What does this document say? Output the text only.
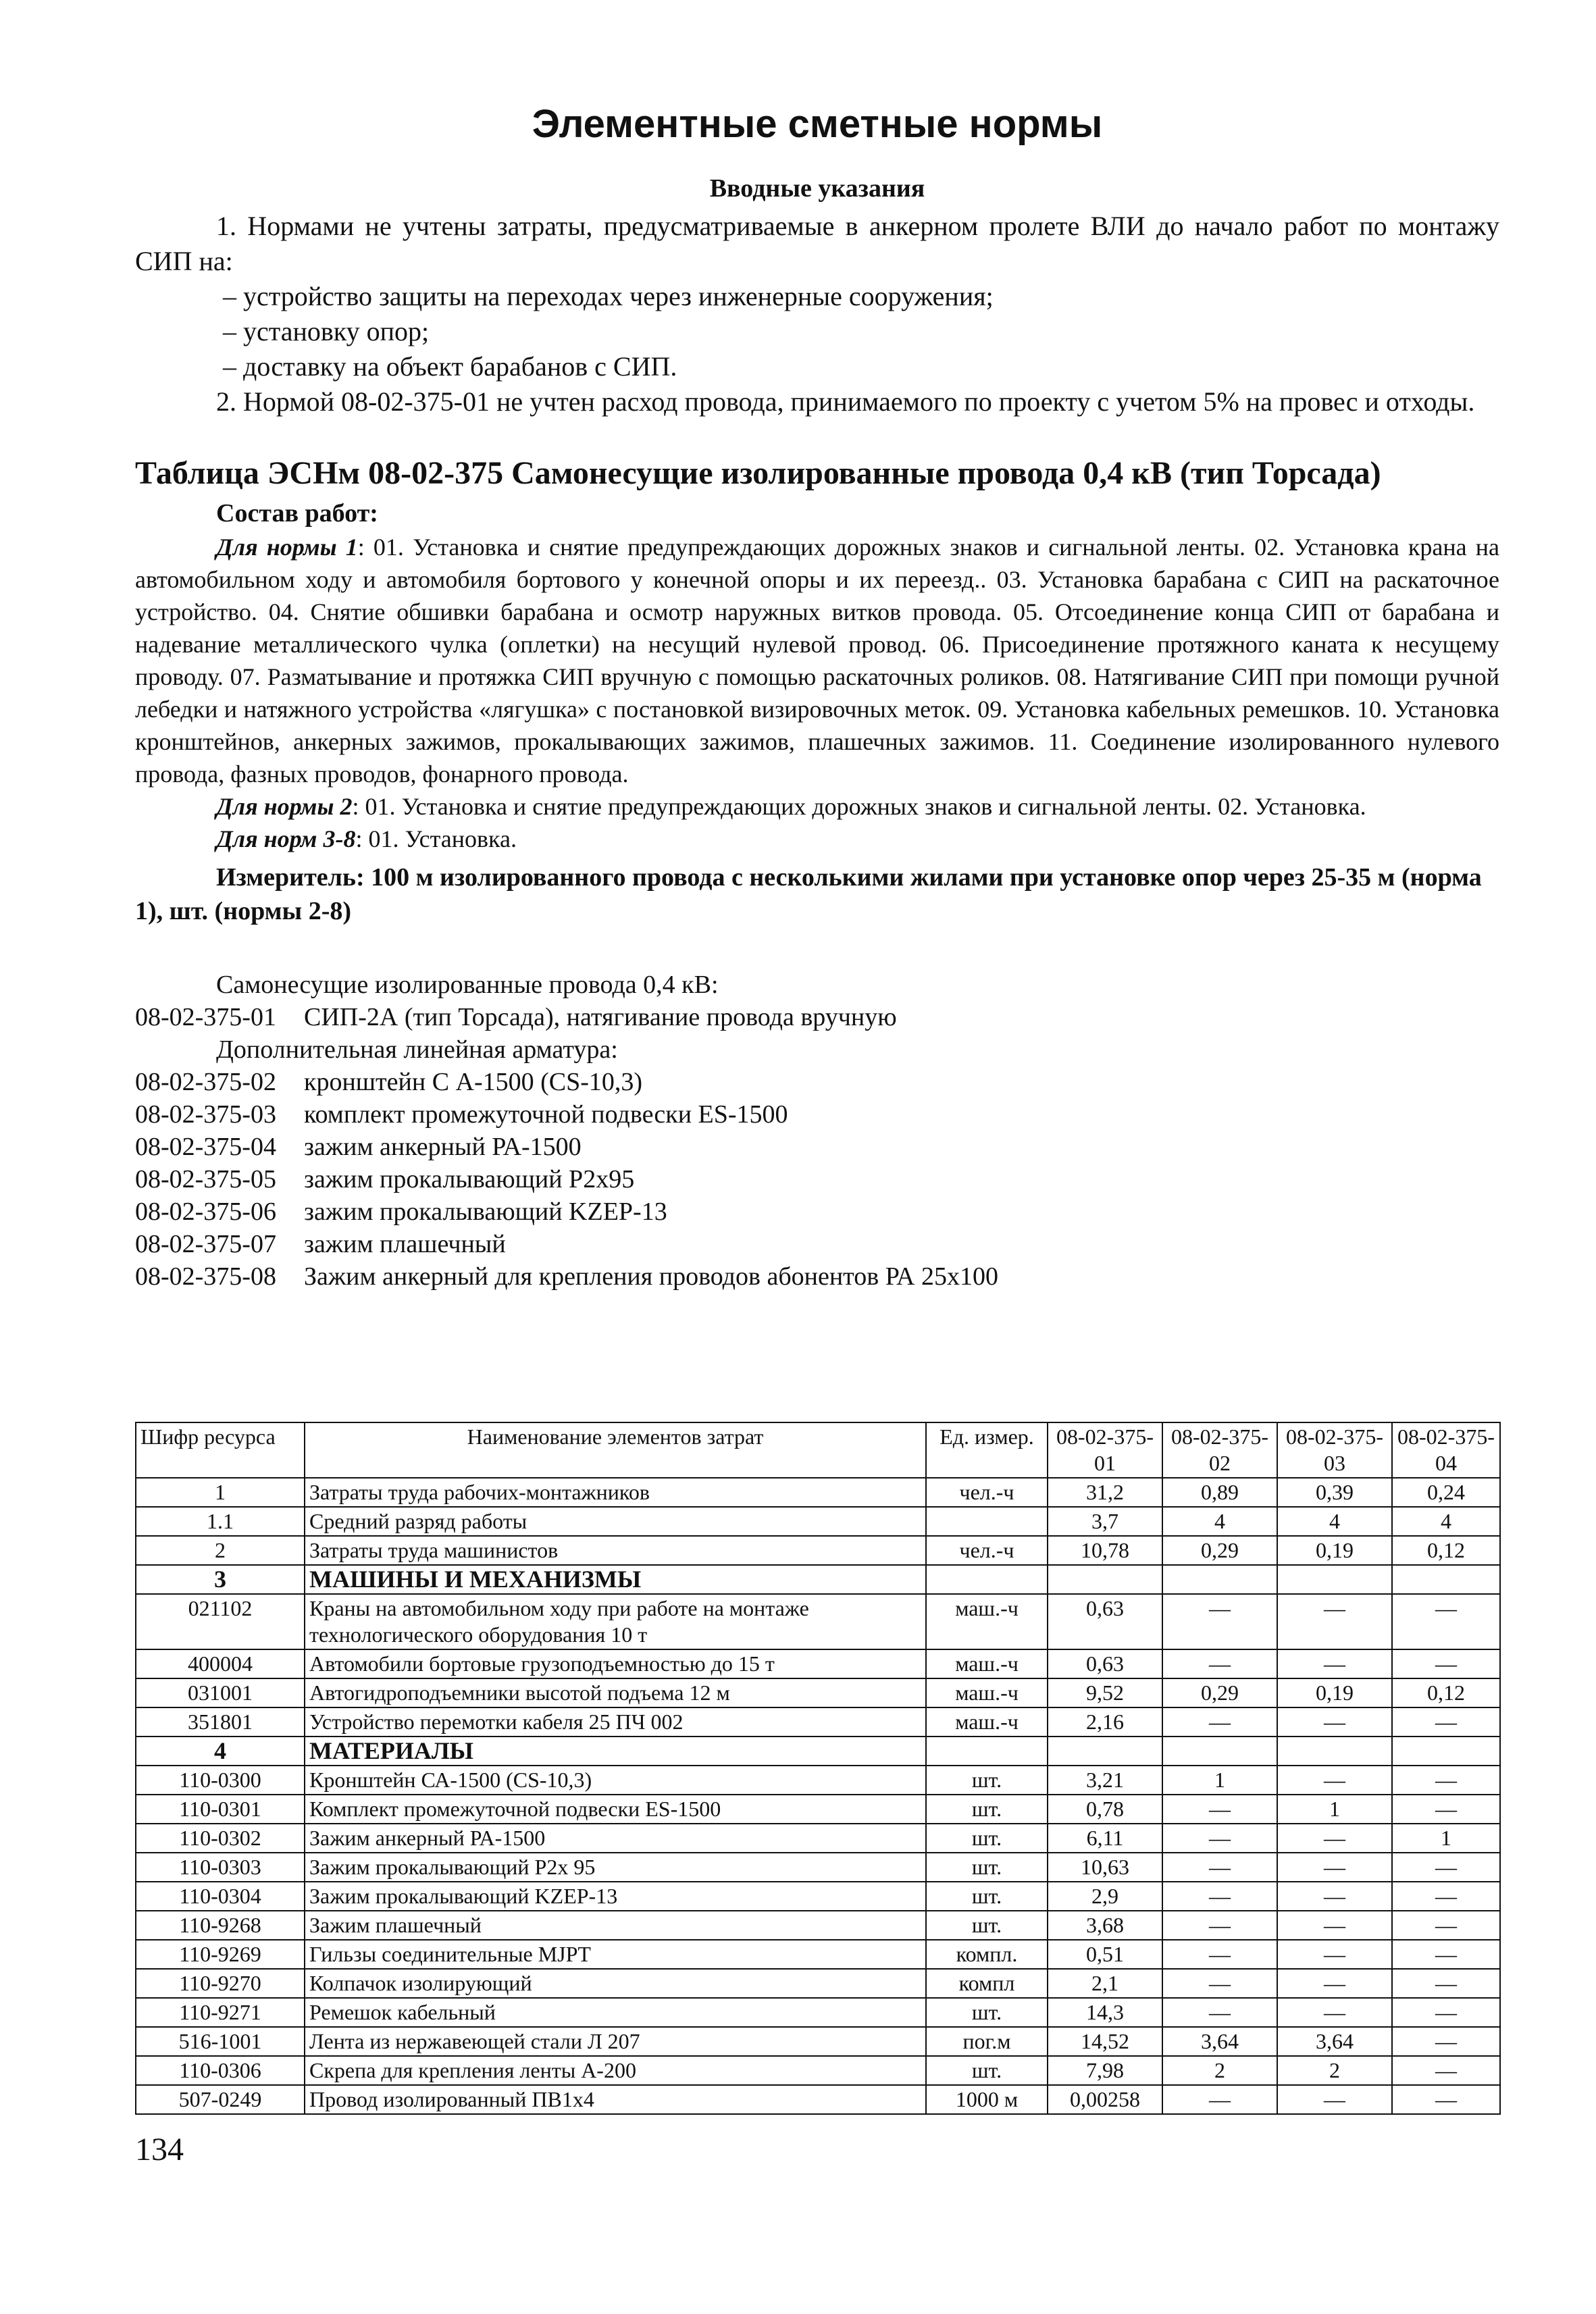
Элементные сметные нормы
Вводные указания

1. Нормами не учтены затраты, предусматриваемые в анкерном пролете ВЛИ до начало работ по монтажу СИП на:

– устройство защиты на переходах через инженерные сооружения;
– установку опор;
– доставку на объект барабанов с СИП.

2. Нормой 08-02-375-01 не учтен расход провода, принимаемого по проекту с учетом 5% на провес и отходы.

Таблица ЭСНм 08-02-375 Самонесущие изолированные провода 0,4 кВ (тип Торсада)
Состав работ:

Для нормы 1: 01. Установка и снятие предупреждающих дорожных знаков и сигнальной ленты. 02. Установка крана на автомобильном ходу и автомобиля бортового у конечной опоры и их переезд.. 03. Установка барабана с СИП на раскаточное устройство. 04. Снятие обшивки барабана и осмотр наружных витков провода. 05. Отсоединение конца СИП от барабана и надевание металлического чулка (оплетки) на несущий нулевой провод. 06. Присоединение протяжного каната к несущему проводу. 07. Разматывание и протяжка СИП вручную с помощью раскаточных роликов. 08. Натягивание СИП при помощи ручной лебедки и натяжного устройства «лягушка» с постановкой визировочных меток. 09. Установка кабельных ремешков. 10. Установка кронштейнов, анкерных зажимов, прокалывающих зажимов, плашечных зажимов. 11. Соединение изолированного нулевого провода, фазных проводов, фонарного провода.

Для нормы 2: 01. Установка и снятие предупреждающих дорожных знаков и сигнальной ленты. 02. Установка.

Для норм 3-8: 01. Установка.

Измеритель: 100 м изолированного провода с несколькими жилами при установке опор через 25-35 м (норма 1), шт. (нормы 2-8)

Самонесущие изолированные провода 0,4 кВ:
08-02-375-01	СИП-2А (тип Торсада), натягивание провода вручную
Дополнительная линейная арматура:
08-02-375-02	кронштейн С А-1500 (CS-10,3)
08-02-375-03	комплект промежуточной подвески ES-1500
08-02-375-04	зажим анкерный РА-1500
08-02-375-05	зажим прокалывающий Р2х95
08-02-375-06	зажим прокалывающий KZEP-13
08-02-375-07	зажим плашечный
08-02-375-08	Зажим анкерный для крепления проводов абонентов РА 25х100
Шифр ресурса	Наименование элементов затрат	Ед. измер.	08-02-375-01	08-02-375-02	08-02-375-03	08-02-375-04
1	Затраты труда рабочих-монтажников	чел.-ч	31,2	0,89	0,39	0,24
1.1	Средний разряд работы		3,7	4	4	4
2	Затраты труда машинистов	чел.-ч	10,78	0,29	0,19	0,12
3	МАШИНЫ И МЕХАНИЗМЫ					
021102	Краны на автомобильном ходу при работе на монтаже технологического оборудования 10 т	маш.-ч	0,63	—	—	—
400004	Автомобили бортовые грузоподъемностью до 15 т	маш.-ч	0,63	—	—	—
031001	Автогидроподъемники высотой подъема 12 м	маш.-ч	9,52	0,29	0,19	0,12
351801	Устройство перемотки кабеля 25 ПЧ 002	маш.-ч	2,16	—	—	—
4	МАТЕРИАЛЫ					
110-0300	Кронштейн СА-1500 (CS-10,3)	шт.	3,21	1	—	—
110-0301	Комплект промежуточной подвески ES-1500	шт.	0,78	—	1	—
110-0302	Зажим анкерный РА-1500	шт.	6,11	—	—	1
110-0303	Зажим прокалывающий Р2х 95	шт.	10,63	—	—	—
110-0304	Зажим прокалывающий KZEP-13	шт.	2,9	—	—	—
110-9268	Зажим плашечный	шт.	3,68	—	—	—
110-9269	Гильзы соединительные MJPT	компл.	0,51	—	—	—
110-9270	Колпачок изолирующий	компл	2,1	—	—	—
110-9271	Ремешок кабельный	шт.	14,3	—	—	—
516-1001	Лента из нержавеющей стали Л 207	пог.м	14,52	3,64	3,64	—
110-0306	Скрепа для крепления ленты А-200	шт.	7,98	2	2	—
507-0249	Провод изолированный ПВ1х4	1000 м	0,00258	—	—	—
134
